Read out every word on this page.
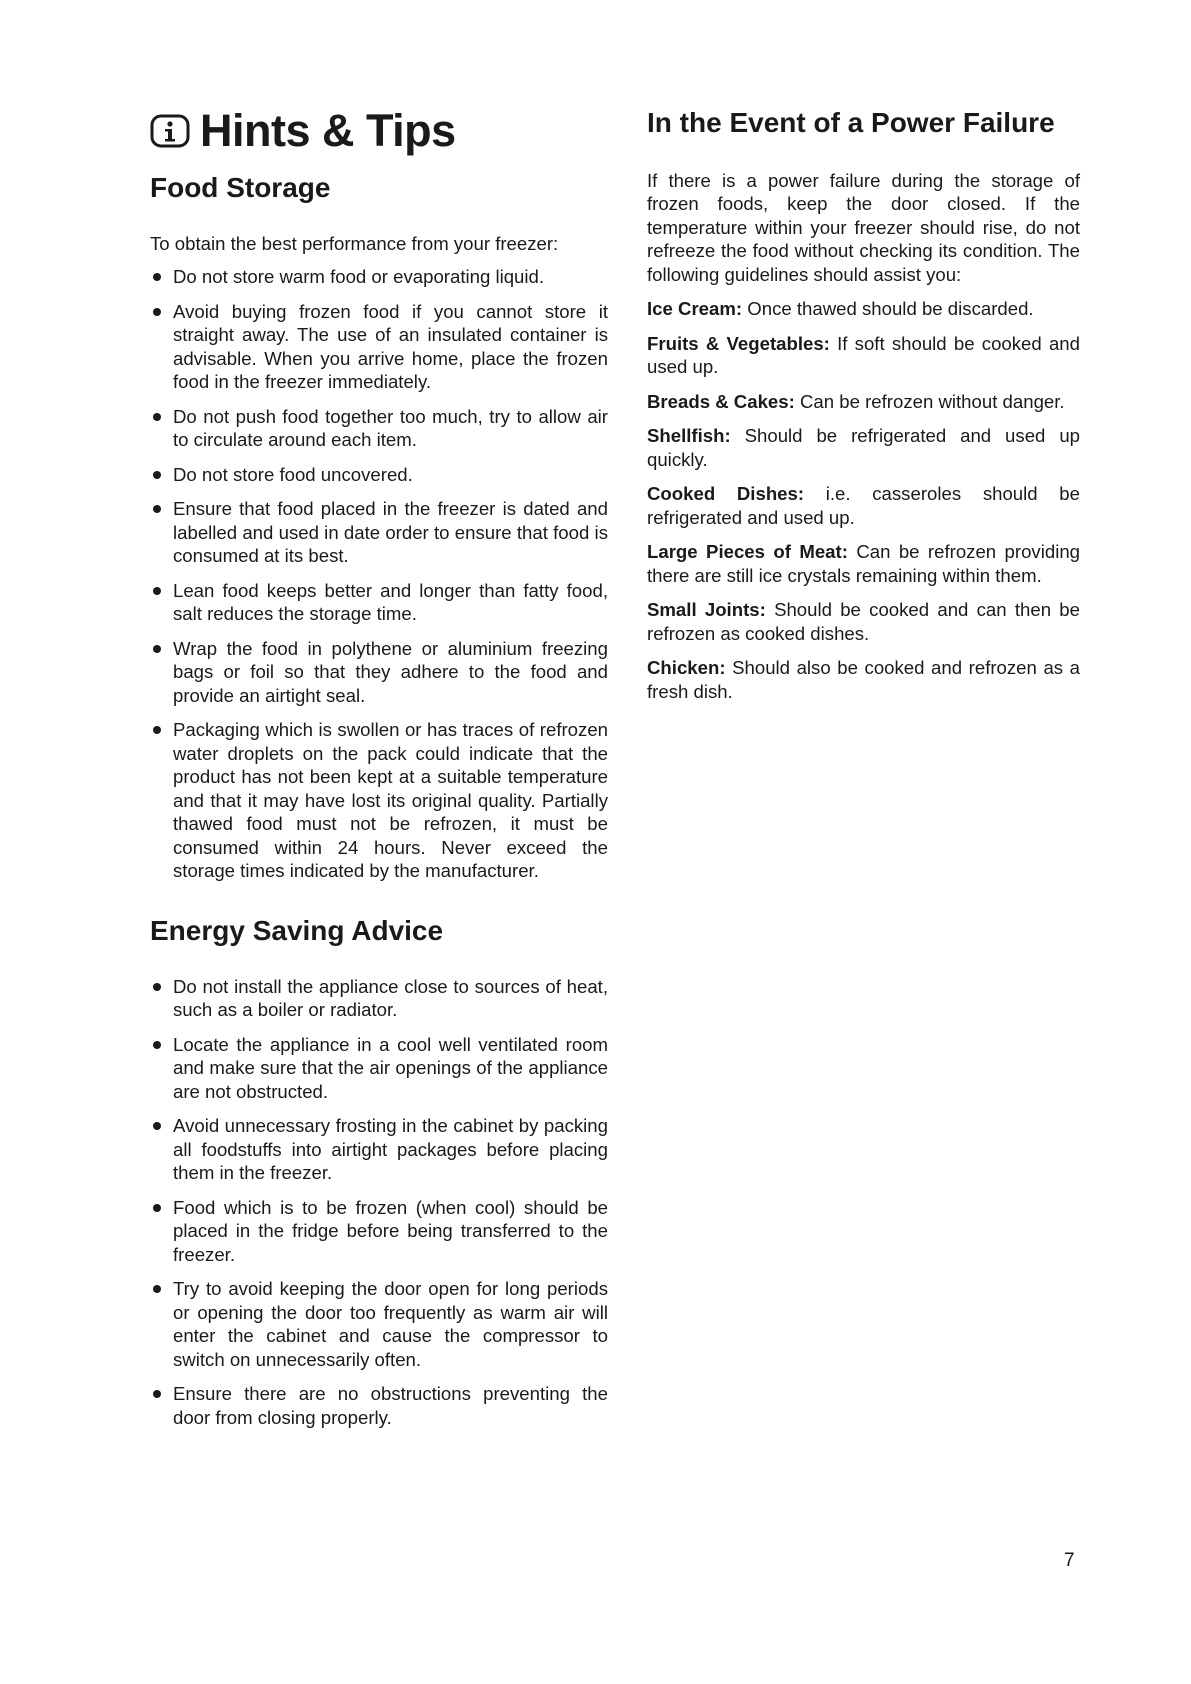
Hints & Tips
Food Storage

To obtain the best performance from your freezer:

Do not store warm food or evaporating liquid.
Avoid buying frozen food if you cannot store it straight away. The use of an insulated container is advisable. When you arrive home, place the frozen food in the freezer immediately.
Do not push food together too much, try to allow air to circulate around each item.
Do not store food uncovered.
Ensure that food placed in the freezer is dated and labelled and used in date order to ensure that food is consumed at its best.
Lean food keeps better and longer than fatty food, salt reduces the storage time.
Wrap the food in polythene or aluminium freezing bags or foil so that they adhere to the food and provide an airtight seal.
Packaging which is swollen or has traces of refrozen water droplets on the pack could indicate that the product has not been kept at a suitable temperature and that it may have lost its original quality. Partially thawed food must not be refrozen, it must be consumed within 24 hours. Never exceed the storage times indicated by the manufacturer.
Energy Saving Advice
Do not install the appliance close to sources of heat, such as a boiler or radiator.
Locate the appliance in a cool well ventilated room and make sure that the air openings of the appliance are not obstructed.
Avoid unnecessary frosting in the cabinet by packing all foodstuffs into airtight packages before placing them in the freezer.
Food which is to be frozen (when cool) should be placed in the fridge before being transferred to the freezer.
Try to avoid keeping the door open for long periods or opening the door too frequently as warm air will enter the cabinet and cause the compressor to switch on unnecessarily often.
Ensure there are no obstructions preventing the door from closing properly.
In the Event of a Power Failure

If there is a power failure during the storage of frozen foods, keep the door closed. If the temperature within your freezer should rise, do not refreeze the food without checking its condition. The following guidelines should assist you:

Ice Cream: Once thawed should be discarded.

Fruits & Vegetables: If soft should be cooked and used up.

Breads & Cakes: Can be refrozen without danger.

Shellfish: Should be refrigerated and used up quickly.

Cooked Dishes: i.e. casseroles should be refrigerated and used up.

Large Pieces of Meat: Can be refrozen providing there are still ice crystals remaining within them.

Small Joints: Should be cooked and can then be refrozen as cooked dishes.

Chicken: Should also be cooked and refrozen as a fresh dish.

7
